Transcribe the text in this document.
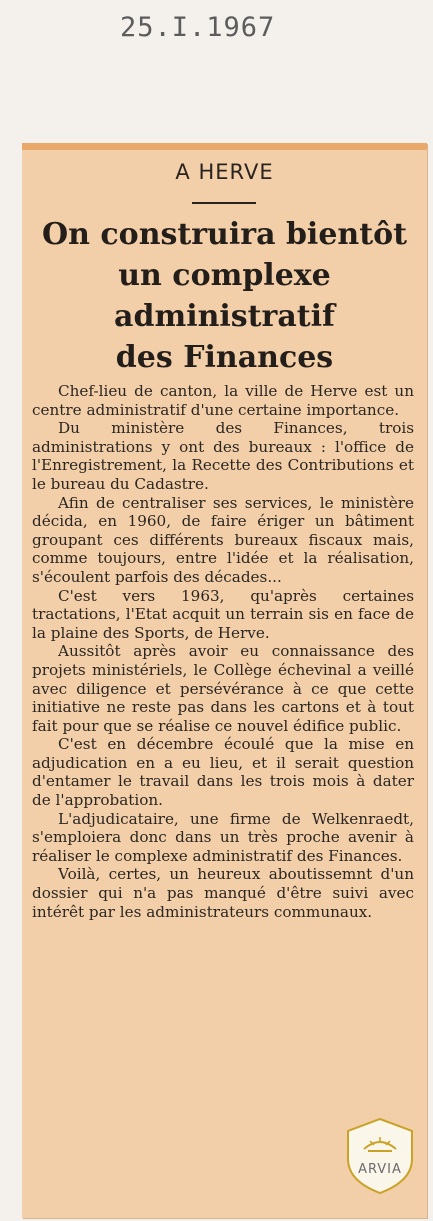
25.I.1967
A HERVE
On construira bientôt
un complexe
administratif
des Finances

Chef-lieu de canton, la ville de Herve est un centre administratif d'une certaine importance.

Du ministère des Finances, trois administrations y ont des bureaux : l'office de l'Enregistrement, la Recette des Contributions et le bureau du Cadastre.

Afin de centraliser ses services, le ministère décida, en 1960, de faire ériger un bâtiment groupant ces différents bureaux fiscaux mais, comme toujours, entre l'idée et la réalisation, s'écoulent parfois des décades...

C'est vers 1963, qu'après certaines tractations, l'Etat acquit un terrain sis en face de la plaine des Sports, de Herve.

Aussitôt après avoir eu connaissance des projets ministériels, le Collège échevinal a veillé avec diligence et persévérance à ce que cette initiative ne reste pas dans les cartons et à tout fait pour que se réalise ce nouvel édifice public.

C'est en décembre écoulé que la mise en adjudication en a eu lieu, et il serait question d'entamer le travail dans les trois mois à dater de l'approbation.

L'adjudicataire, une firme de Welkenraedt, s'emploiera donc dans un très proche avenir à réaliser le complexe administratif des Finances.

Voilà, certes, un heureux aboutissemnt d'un dossier qui n'a pas manqué d'être suivi avec intérêt par les administrateurs communaux.

ARVIA
